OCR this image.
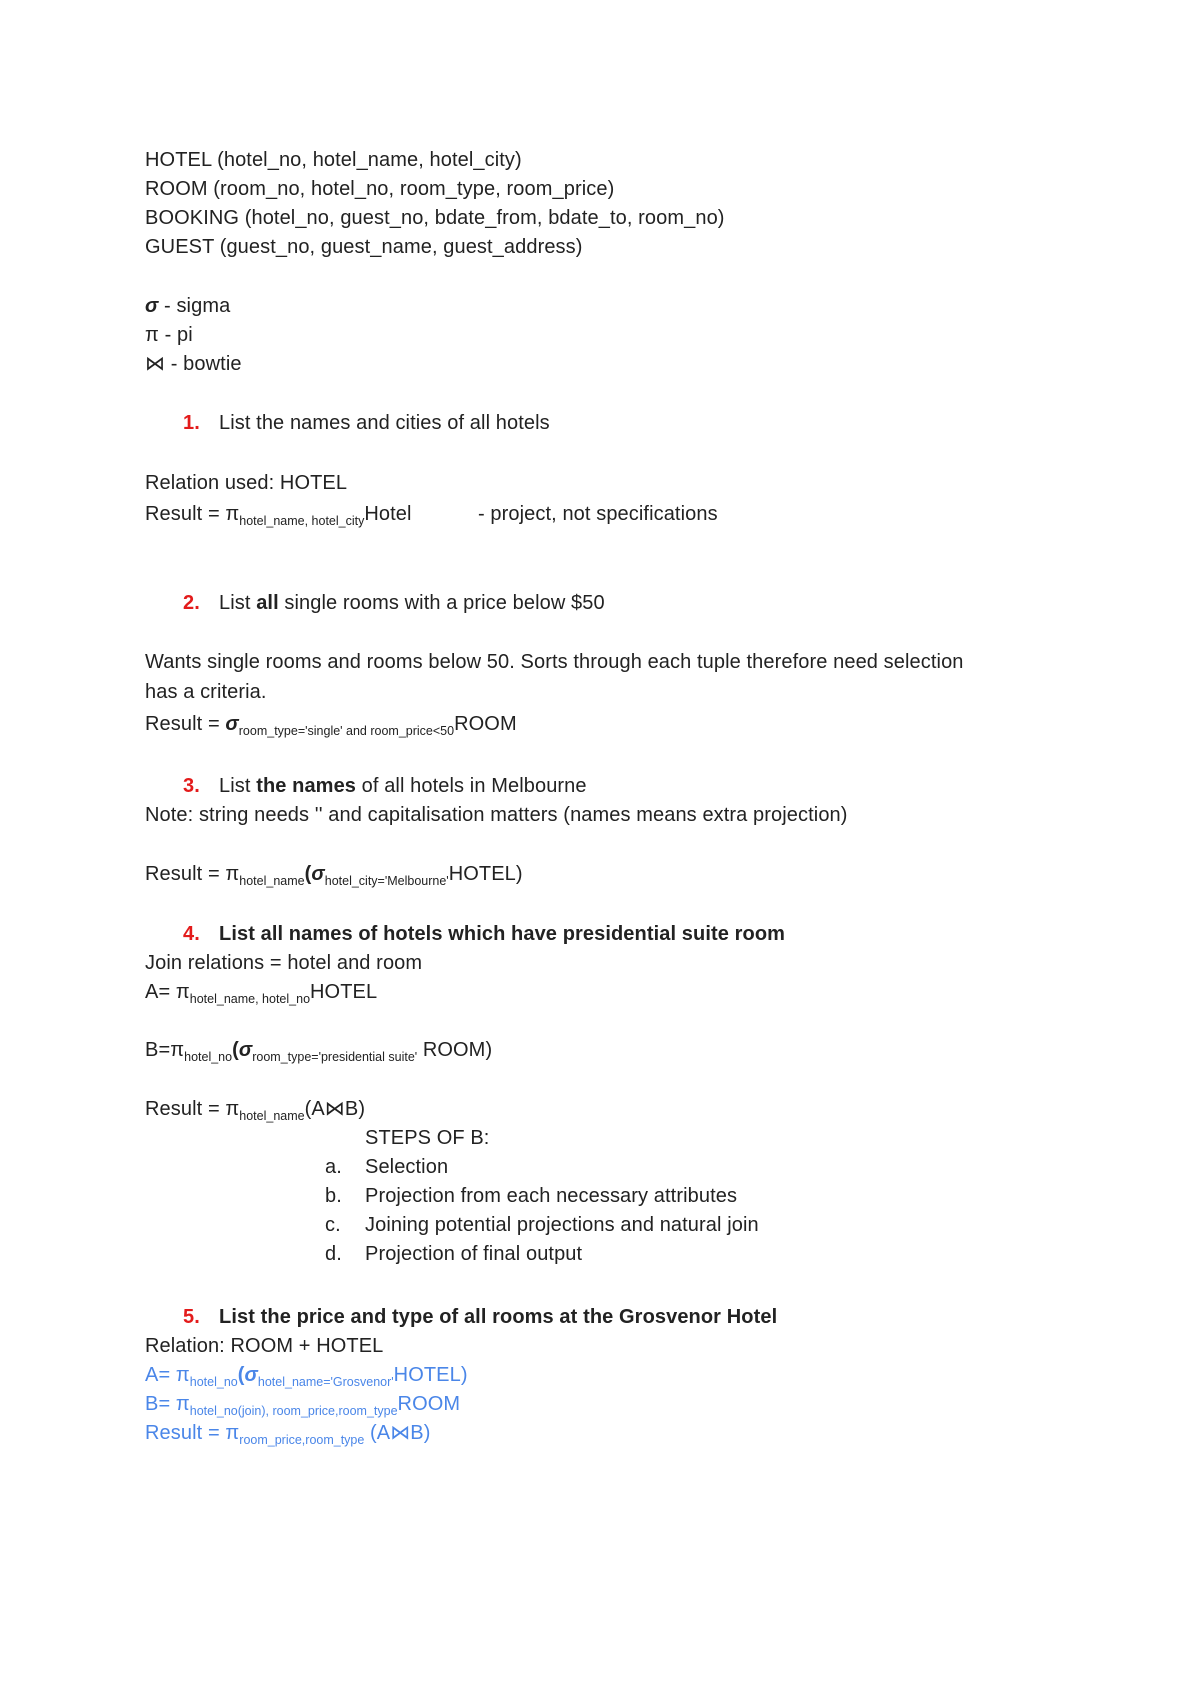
HOTEL (hotel_no, hotel_name, hotel_city)
ROOM (room_no, hotel_no, room_type, room_price)
BOOKING (hotel_no, guest_no, bdate_from, bdate_to, room_no)
GUEST (guest_no, guest_name, guest_address)
σ - sigma
π - pi
⋈ - bowtie
1. List the names and cities of all hotels
Relation used: HOTEL
Result = $\pi_{hotel\_name, hotel\_city}Hotel$	- project, not specifications
2. List all single rooms with a price below $50
Wants single rooms and rooms below 50. Sorts through each tuple therefore need selection
has a criteria.
Result = $\sigma_{room\_type='single' and room\_price<50}ROOM$
3. List the names of all hotels in Melbourne
Note: string needs '' and capitalisation matters (names means extra projection)
Result = $\pi_{hotel\_name}(\sigma_{hotel\_city='Melbourne'}HOTEL)$
4. List all names of hotels which have presidential suite room
Join relations = hotel and room
$A= \pi_{hotel\_name, hotel\_no}HOTEL$
$B=\pi_{hotel\_no}(\sigma_{room\_type='presidential suite'}$ ROOM)
Result = $\pi_{hotel\_name}(A⋈B)$
STEPS OF B:
a. Selection
b. Projection from each necessary attributes
c. Joining potential projections and natural join
d. Projection of final output
5. List the price and type of all rooms at the Grosvenor Hotel
Relation: ROOM + HOTEL
$A= \pi_{hotel\_no}(\sigma_{hotel\_name='Grosvenor'}HOTEL)$
$B= \pi_{hotel\_no(join), room\_price,room\_type}ROOM$
Result = $\pi_{room\_price,room\_type}$ (A⋈B)
